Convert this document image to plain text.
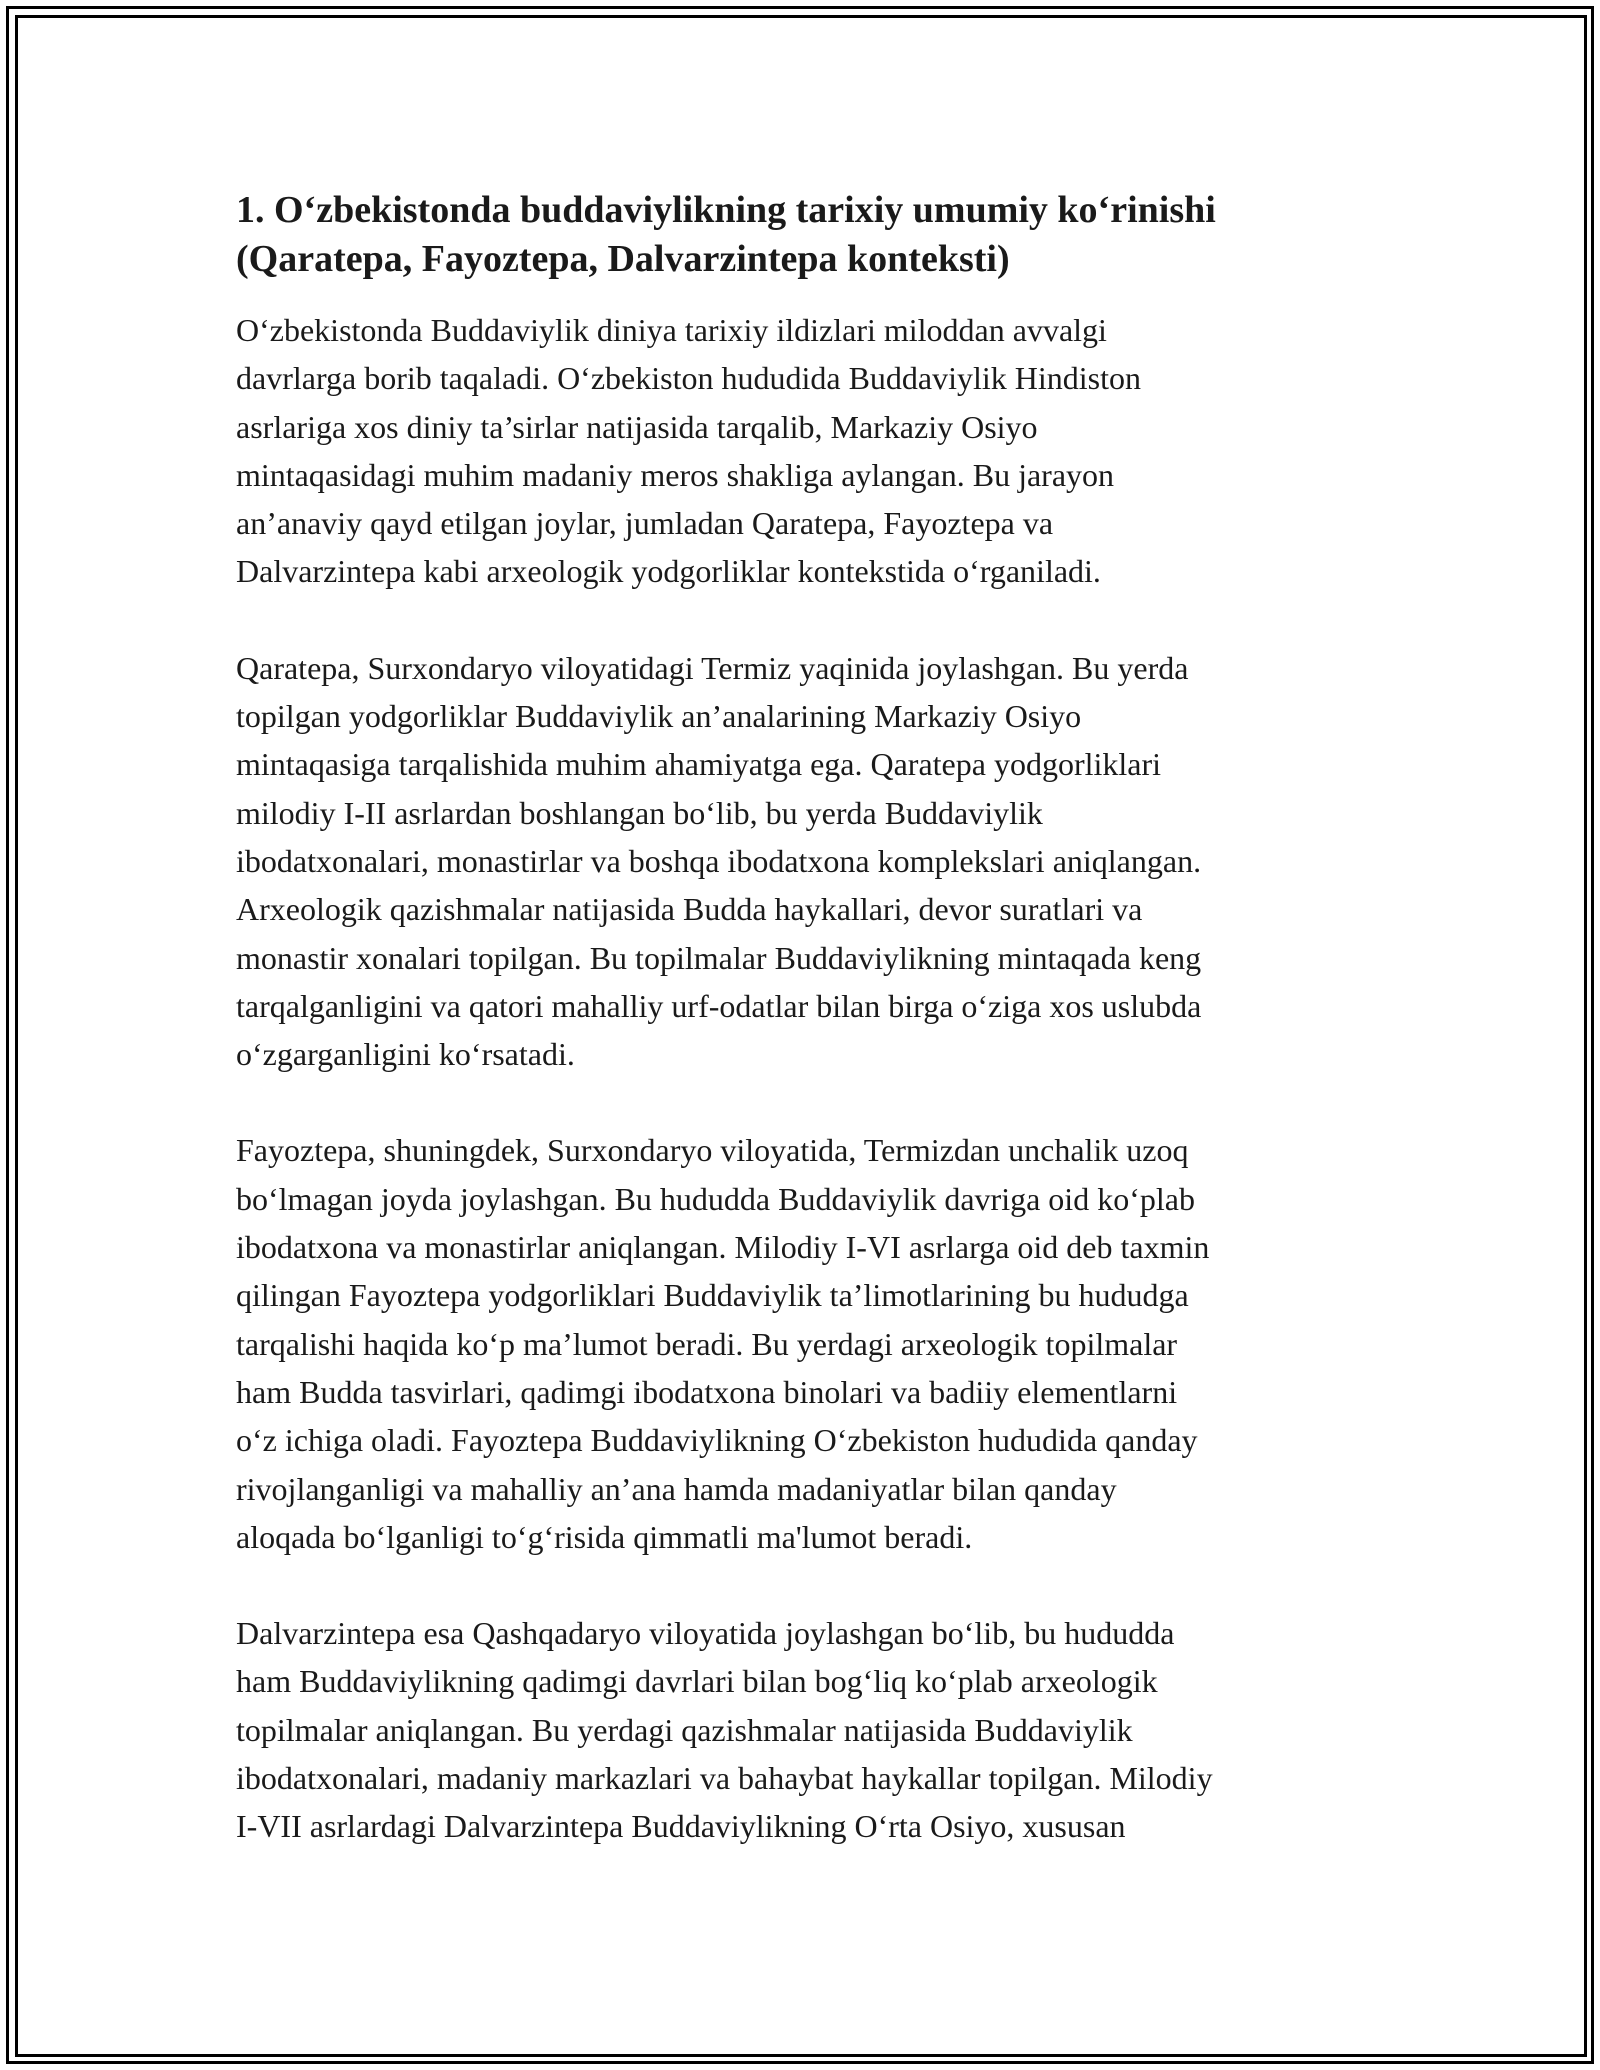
1. O‘zbekistonda buddaviylikning tarixiy umumiy ko‘rinishi
(Qaratepa, Fayoztepa, Dalvarzintepa konteksti)

O‘zbekistonda Buddaviylik diniya tarixiy ildizlari miloddan avvalgi
davrlarga borib taqaladi. O‘zbekiston hududida Buddaviylik Hindiston
asrlariga xos diniy ta’sirlar natijasida tarqalib, Markaziy Osiyo
mintaqasidagi muhim madaniy meros shakliga aylangan. Bu jarayon
an’anaviy qayd etilgan joylar, jumladan Qaratepa, Fayoztepa va
Dalvarzintepa kabi arxeologik yodgorliklar kontekstida o‘rganiladi.

Qaratepa, Surxondaryo viloyatidagi Termiz yaqinida joylashgan. Bu yerda
topilgan yodgorliklar Buddaviylik an’analarining Markaziy Osiyo
mintaqasiga tarqalishida muhim ahamiyatga ega. Qaratepa yodgorliklari
milodiy I-II asrlardan boshlangan bo‘lib, bu yerda Buddaviylik
ibodatxonalari, monastirlar va boshqa ibodatxona komplekslari aniqlangan.
Arxeologik qazishmalar natijasida Budda haykallari, devor suratlari va
monastir xonalari topilgan. Bu topilmalar Buddaviylikning mintaqada keng
tarqalganligini va qatori mahalliy urf-odatlar bilan birga o‘ziga xos uslubda
o‘zgarganligini ko‘rsatadi.

Fayoztepa, shuningdek, Surxondaryo viloyatida, Termizdan unchalik uzoq
bo‘lmagan joyda joylashgan. Bu hududda Buddaviylik davriga oid ko‘plab
ibodatxona va monastirlar aniqlangan. Milodiy I-VI asrlarga oid deb taxmin
qilingan Fayoztepa yodgorliklari Buddaviylik ta’limotlarining bu hududga
tarqalishi haqida ko‘p ma’lumot beradi. Bu yerdagi arxeologik topilmalar
ham Budda tasvirlari, qadimgi ibodatxona binolari va badiiy elementlarni
o‘z ichiga oladi. Fayoztepa Buddaviylikning O‘zbekiston hududida qanday
rivojlanganligi va mahalliy an’ana hamda madaniyatlar bilan qanday
aloqada bo‘lganligi to‘g‘risida qimmatli ma'lumot beradi.

Dalvarzintepa esa Qashqadaryo viloyatida joylashgan bo‘lib, bu hududda
ham Buddaviylikning qadimgi davrlari bilan bog‘liq ko‘plab arxeologik
topilmalar aniqlangan. Bu yerdagi qazishmalar natijasida Buddaviylik
ibodatxonalari, madaniy markazlari va bahaybat haykallar topilgan. Milodiy
I-VII asrlardagi Dalvarzintepa Buddaviylikning O‘rta Osiyo, xususan
